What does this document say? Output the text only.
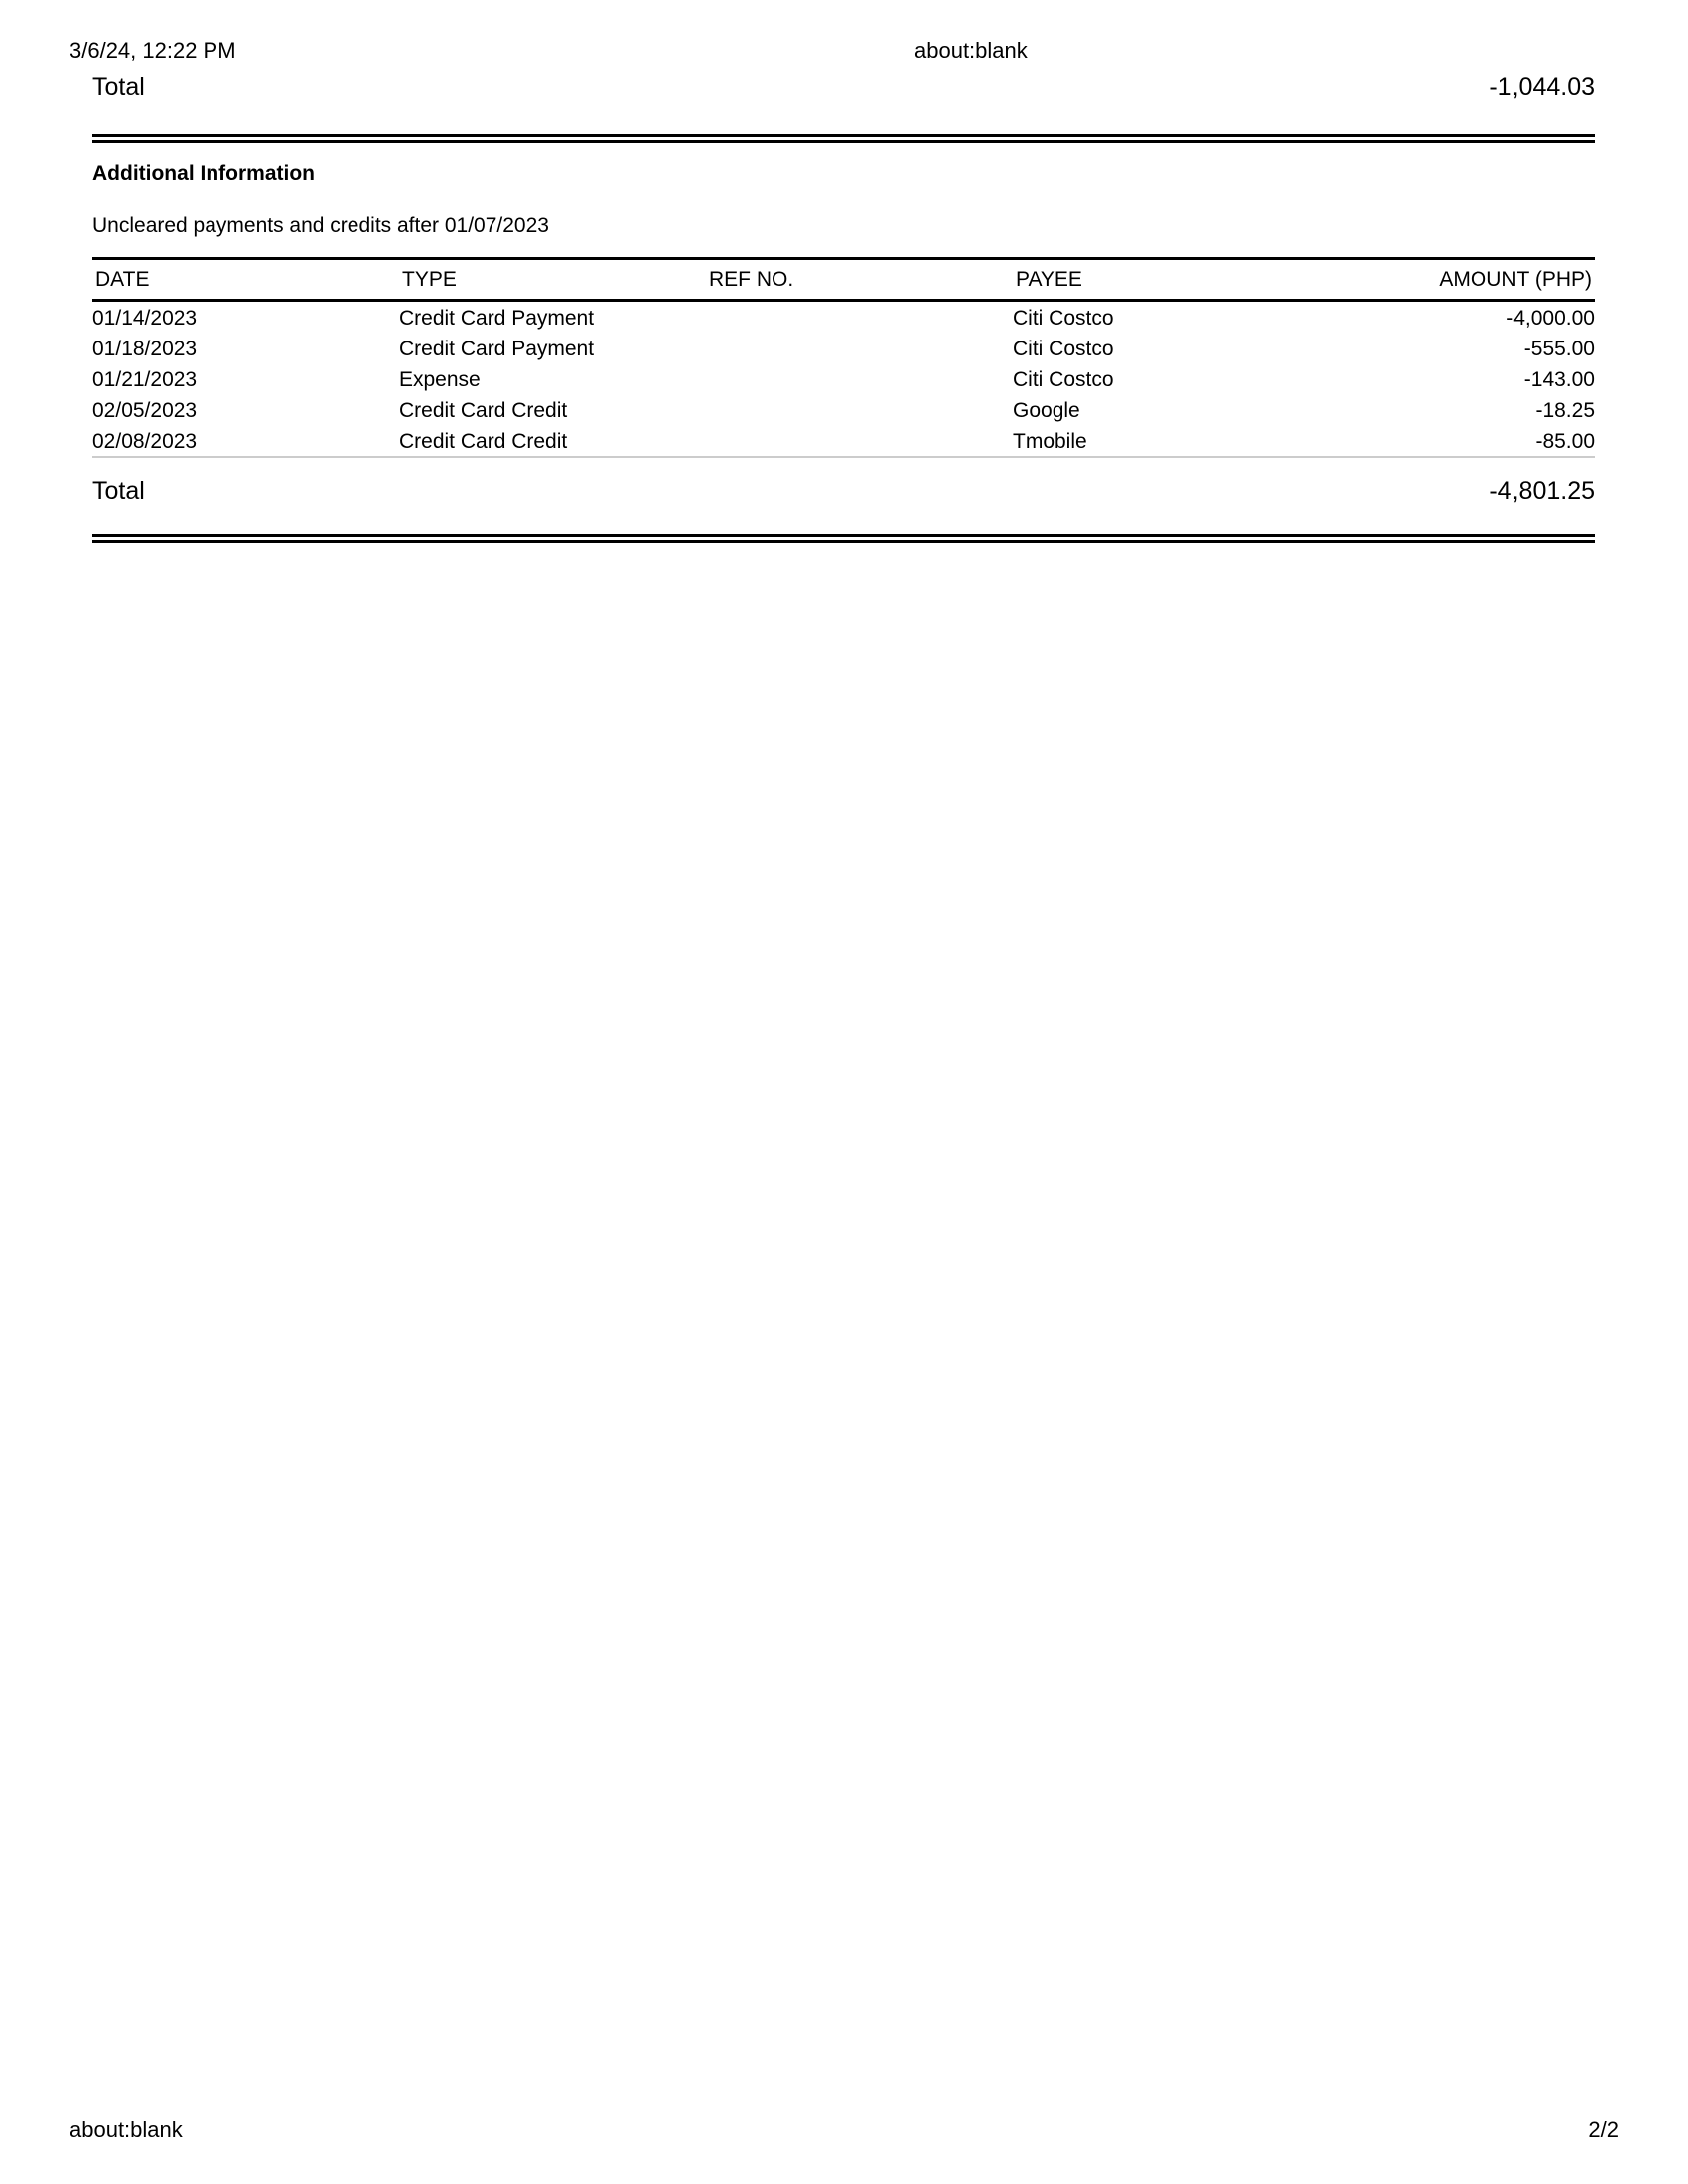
3/6/24, 12:22 PM	about:blank
Total	-1,044.03
Additional Information
Uncleared payments and credits after 01/07/2023
DATE	TYPE	REF NO.	PAYEE	AMOUNT (PHP)
01/14/2023	Credit Card Payment		Citi Costco	-4,000.00
01/18/2023	Credit Card Payment		Citi Costco	-555.00
01/21/2023	Expense		Citi Costco	-143.00
02/05/2023	Credit Card Credit		Google	-18.25
02/08/2023	Credit Card Credit		Tmobile	-85.00
Total	-4,801.25
about:blank	2/2
